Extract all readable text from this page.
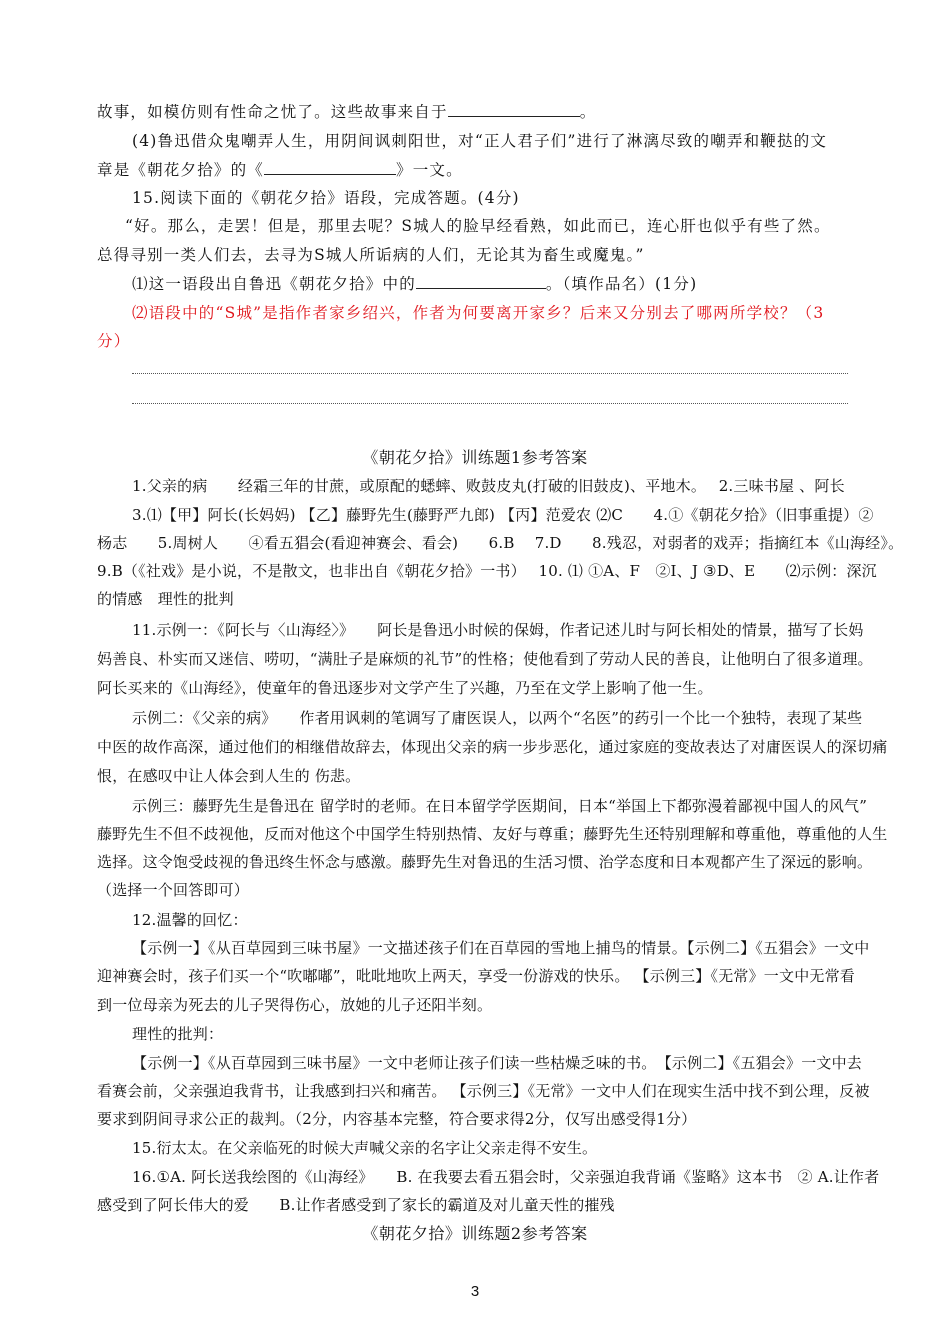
故事，如模仿则有性命之忧了。这些故事来自于	。
(4)鲁迅借众鬼嘲弄人生，用阴间讽刺阳世，对“正人君子们”进行了淋漓尽致的嘲弄和鞭挞的文
章是《朝花夕拾》的《	》一文。
15.阅读下面的《朝花夕拾》语段，完成答题。(4分)
“好。那么，走罢！但是，那里去呢？S城人的脸早经看熟，如此而已，连心肝也似乎有些了然。
总得寻别一类人们去，去寻为S城人所诟病的人们，无论其为畜生或魔鬼。”
⑴这一语段出自鲁迅《朝花夕拾》中的	。（填作品名）(1分)
⑵语段中的“S城”是指作者家乡绍兴，作者为何要离开家乡？后来又分别去了哪两所学校？（3
分）
《朝花夕拾》训练题1参考答案
1.父亲的病　　经霜三年的甘蔗，或原配的蟋蟀、败鼓皮丸(打破的旧鼓皮)、平地木。　 2.三味书屋 、阿长
3.⑴【甲】阿长(长妈妈) 【乙】藤野先生(藤野严九郎) 【丙】范爱农 ⑵C　　4.①《朝花夕拾》（旧事重提）②
杨志　　5.周树人　　④看五猖会(看迎神赛会、看会)　　6.B　 7.D　　8.残忍，对弱者的戏弄；指摘红本《山海经》。
9.B（《社戏》是小说，不是散文，也非出自《朝花夕拾》一书）　 10. ⑴ ①A、F　②I、J ③D、E　　⑵示例：深沉
的情感　理性的批判
11.示例一：《阿长与〈山海经〉》　　阿长是鲁迅小时候的保姆，作者记述儿时与阿长相处的情景，描写了长妈
妈善良、朴实而又迷信、唠叨，“满肚子是麻烦的礼节”的性格；使他看到了劳动人民的善良，让他明白了很多道理。
阿长买来的《山海经》，使童年的鲁迅逐步对文学产生了兴趣，乃至在文学上影响了他一生。
示例二：《父亲的病》　　作者用讽刺的笔调写了庸医误人，以两个“名医”的药引一个比一个独特，表现了某些
中医的故作高深，通过他们的相继借故辞去，体现出父亲的病一步步恶化，通过家庭的变故表达了对庸医误人的深切痛
恨，在感叹中让人体会到人生的 伤悲。
示例三：藤野先生是鲁迅在 留学时的老师。在日本留学学医期间，日本“举国上下都弥漫着鄙视中国人的风气”
藤野先生不但不歧视他，反而对他这个中国学生特别热情、友好与尊重；藤野先生还特别理解和尊重他，尊重他的人生
选择。这令饱受歧视的鲁迅终生怀念与感激。藤野先生对鲁迅的生活习惯、治学态度和日本观都产生了深远的影响。
（选择一个回答即可）
12.温馨的回忆：
【示例一】《从百草园到三味书屋》一文描述孩子们在百草园的雪地上捕鸟的情景。【示例二】《五猖会》一文中
迎神赛会时，孩子们买一个“吹嘟嘟”，吡吡地吹上两天，享受一份游戏的快乐。 【示例三】《无常》一文中无常看
到一位母亲为死去的儿子哭得伤心，放她的儿子还阳半刻。
理性的批判：
【示例一】《从百草园到三味书屋》一文中老师让孩子们读一些枯燥乏味的书。　【示例二】《五猖会》一文中去
看赛会前，父亲强迫我背书，让我感到扫兴和痛苦。 【示例三】《无常》一文中人们在现实生活中找不到公理，反被
要求到阴间寻求公正的裁判。（2分，内容基本完整，符合要求得2分，仅写出感受得1分）
15.衍太太。在父亲临死的时候大声喊父亲的名字让父亲走得不安生。
16.①A. 阿长送我绘图的《山海经》　　B. 在我要去看五猖会时，父亲强迫我背诵《鉴略》这本书　② A.让作者
感受到了阿长伟大的爱　　B.让作者感受到了家长的霸道及对儿童天性的摧残
《朝花夕拾》训练题2参考答案
3
